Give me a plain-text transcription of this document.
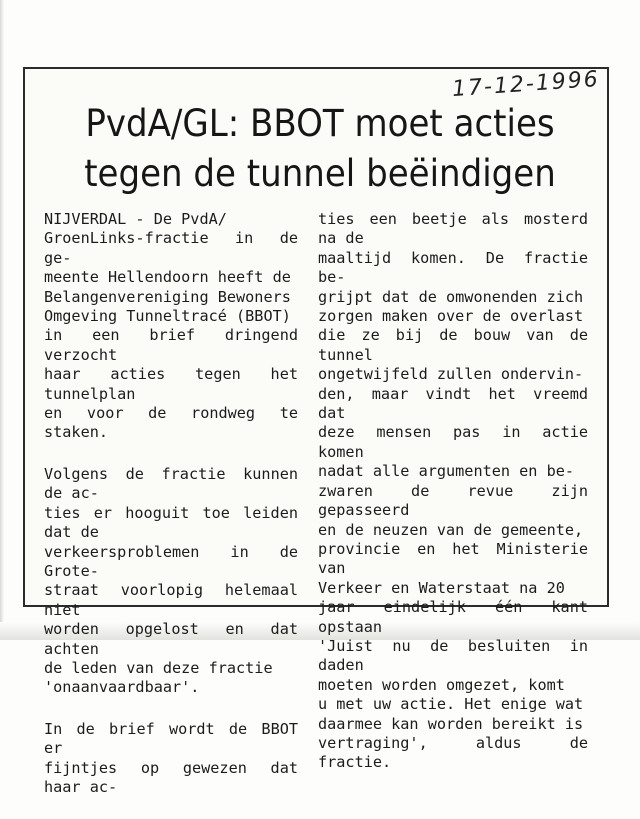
17-12-1996
PvdA/GL: BBOT moet acties
tegen de tunnel beëindigen

NIJVERDAL - De PvdA/
GroenLinks-fractie in de ge-
meente Hellendoorn heeft de
Belangenvereniging Bewoners
Omgeving Tunneltracé (BBOT)
in een brief dringend verzocht
haar acties tegen het tunnelplan
en voor de rondweg te staken.

Volgens de fractie kunnen de ac-
ties er hooguit toe leiden dat de
verkeersproblemen in de Grote-
straat voorlopig helemaal niet
worden opgelost en dat achten
de leden van deze fractie
'onaanvaardbaar'.

In de brief wordt de BBOT er
fijntjes op gewezen dat haar ac-

ties een beetje als mosterd na de
maaltijd komen. De fractie be-
grijpt dat de omwonenden zich
zorgen maken over de overlast
die ze bij de bouw van de tunnel
ongetwijfeld zullen ondervin-
den, maar vindt het vreemd dat
deze mensen pas in actie komen
nadat alle argumenten en be-
zwaren de revue zijn gepasseerd
en de neuzen van de gemeente,
provincie en het Ministerie van
Verkeer en Waterstaat na 20
jaar eindelijk één kant opstaan
'Juist nu de besluiten in daden
moeten worden omgezet, komt
u met uw actie. Het enige wat
daarmee kan worden bereikt is
vertraging', aldus de fractie.
